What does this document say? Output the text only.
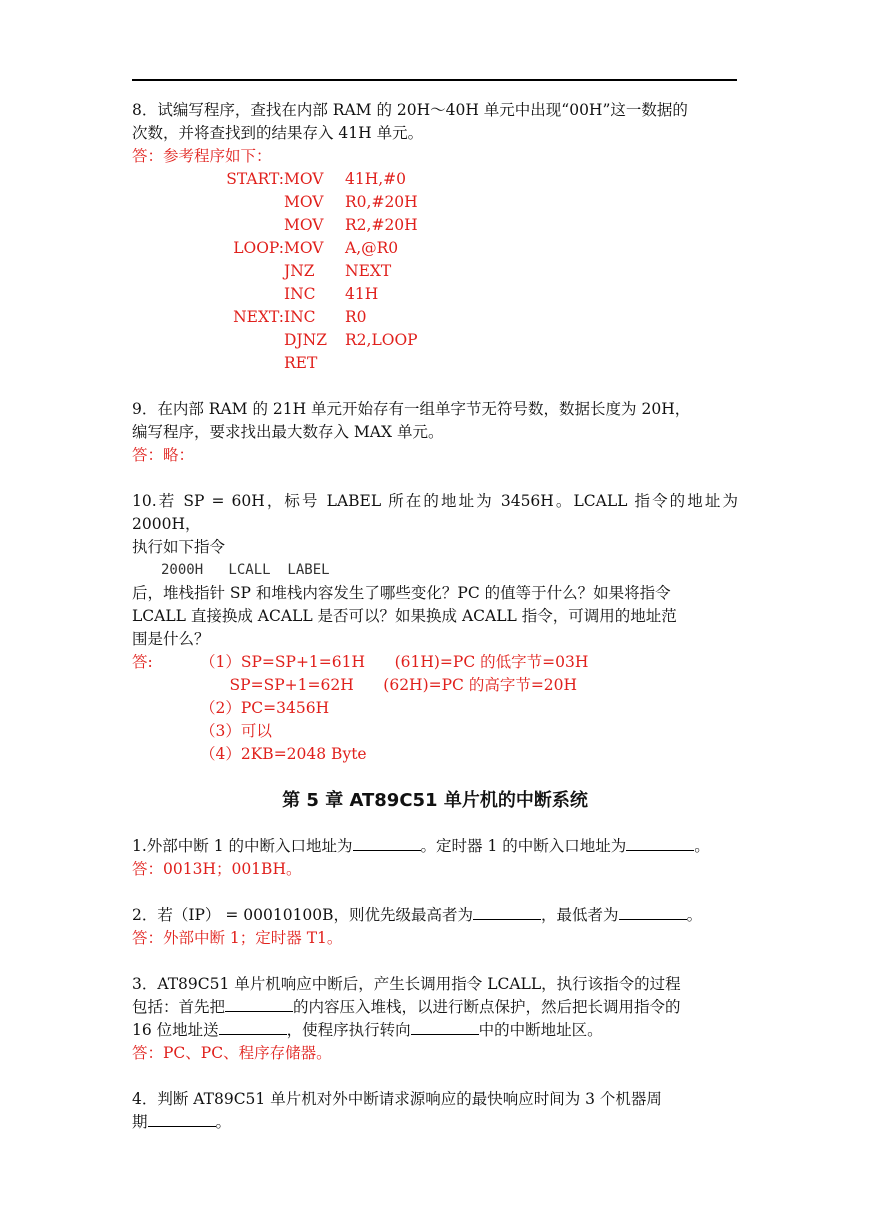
8．试编写程序，查找在内部 RAM 的 20H～40H 单元中出现“00H”这一数据的

次数，并将查找到的结果存入 41H 单元。

答：参考程序如下：

START: MOV	41H,#0
MOV	R0,#20H
MOV	R2,#20H
LOOP: MOV	A,@R0
JNZ	NEXT
INC	41H
NEXT: INC	R0
DJNZ	R2,LOOP
RET

9．在内部 RAM 的 21H 单元开始存有一组单字节无符号数，数据长度为 20H，

编写程序，要求找出最大数存入 MAX 单元。

答：略：

10.若 SP = 60H，标号 LABEL 所在的地址为 3456H。LCALL 指令的地址为 2000H，

执行如下指令

2000H   LCALL  LABEL

后，堆栈指针 SP 和堆栈内容发生了哪些变化？PC 的值等于什么？如果将指令

LCALL 直接换成 ACALL 是否可以？如果换成 ACALL 指令，可调用的地址范

围是什么？

答:	（1）SP=SP+1=61H      (61H)=PC 的低字节=03H
SP=SP+1=62H      (62H)=PC 的高字节=20H
（2）PC=3456H
（3）可以
（4）2KB=2048 Byte

第 5 章 AT89C51 单片机的中断系统

1.外部中断 1 的中断入口地址为	。定时器 1 的中断入口地址为	。

答：0013H；001BH。

2．若（IP） = 00010100B，则优先级最高者为	，最低者为	。

答：外部中断 1；定时器 T1。

3．AT89C51 单片机响应中断后，产生长调用指令 LCALL，执行该指令的过程

包括：首先把	的内容压入堆栈，以进行断点保护，然后把长调用指令的

16 位地址送	，使程序执行转向	中的中断地址区。

答：PC、PC、程序存储器。

4．判断 AT89C51 单片机对外中断请求源响应的最快响应时间为 3 个机器周

期	。
